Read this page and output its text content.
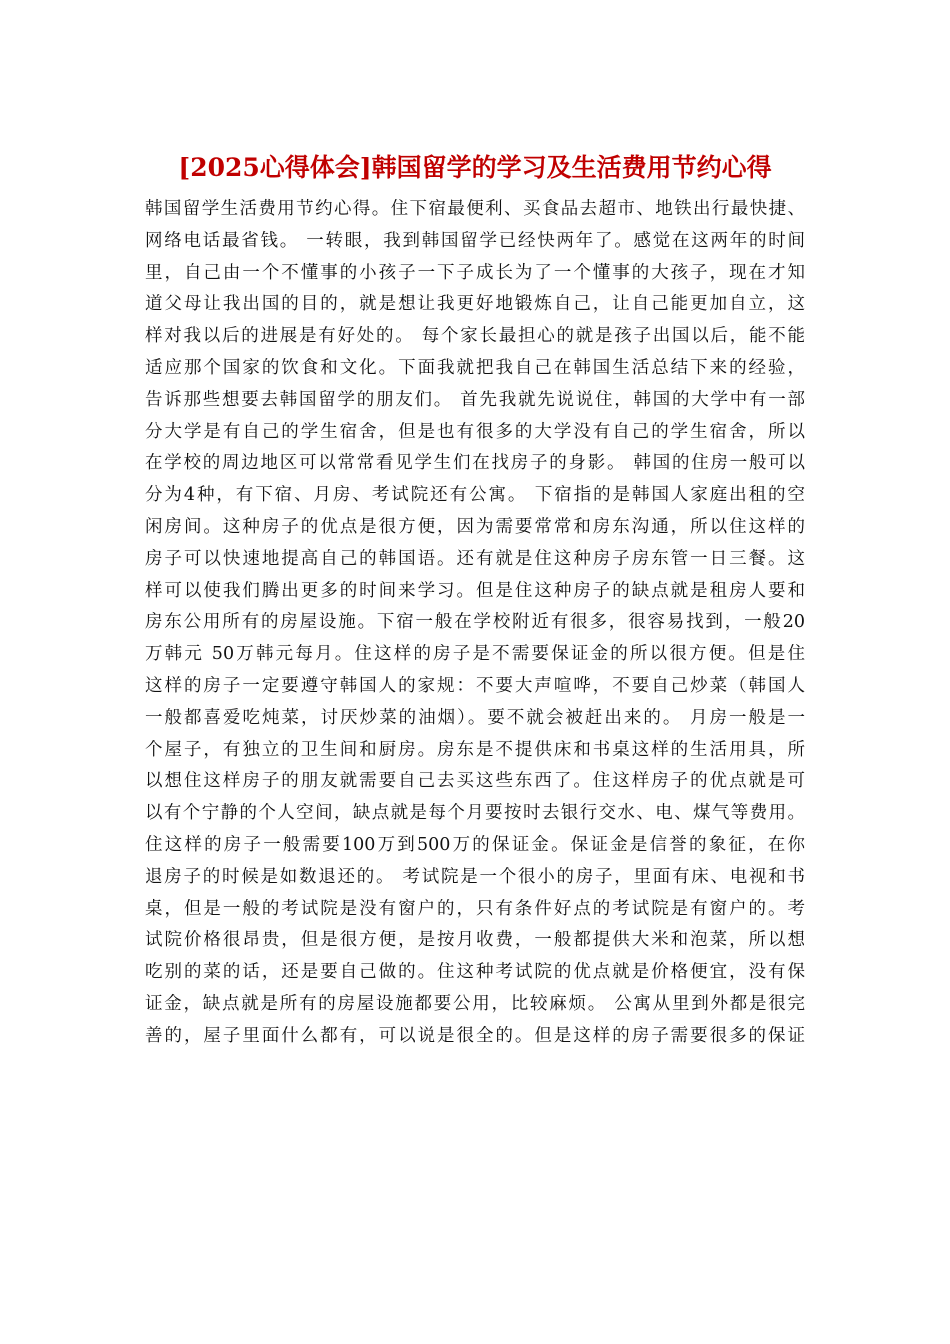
[2025心得体会]韩国留学的学习及生活费用节约心得
韩国留学生活费用节约心得。住下宿最便利、买食品去超市、地铁出行最快捷、
网络电话最省钱。 一转眼，我到韩国留学已经快两年了。感觉在这两年的时间
里，自己由一个不懂事的小孩子一下子成长为了一个懂事的大孩子，现在才知
道父母让我出国的目的，就是想让我更好地锻炼自己，让自己能更加自立，这
样对我以后的进展是有好处的。 每个家长最担心的就是孩子出国以后，能不能
适应那个国家的饮食和文化。下面我就把我自己在韩国生活总结下来的经验，
告诉那些想要去韩国留学的朋友们。 首先我就先说说住，韩国的大学中有一部
分大学是有自己的学生宿舍，但是也有很多的大学没有自己的学生宿舍，所以
在学校的周边地区可以常常看见学生们在找房子的身影。 韩国的住房一般可以
分为4种，有下宿、月房、考试院还有公寓。 下宿指的是韩国人家庭出租的空
闲房间。这种房子的优点是很方便，因为需要常常和房东沟通，所以住这样的
房子可以快速地提高自己的韩国语。还有就是住这种房子房东管一日三餐。这
样可以使我们腾出更多的时间来学习。但是住这种房子的缺点就是租房人要和
房东公用所有的房屋设施。下宿一般在学校附近有很多，很容易找到，一般20
万韩元 50万韩元每月。住这样的房子是不需要保证金的所以很方便。但是住
这样的房子一定要遵守韩国人的家规：不要大声喧哗，不要自己炒菜（韩国人
一般都喜爱吃炖菜，讨厌炒菜的油烟）。要不就会被赶出来的。 月房一般是一
个屋子，有独立的卫生间和厨房。房东是不提供床和书桌这样的生活用具，所
以想住这样房子的朋友就需要自己去买这些东西了。住这样房子的优点就是可
以有个宁静的个人空间，缺点就是每个月要按时去银行交水、电、煤气等费用。
住这样的房子一般需要100万到500万的保证金。保证金是信誉的象征，在你
退房子的时候是如数退还的。 考试院是一个很小的房子，里面有床、电视和书
桌，但是一般的考试院是没有窗户的，只有条件好点的考试院是有窗户的。考
试院价格很昂贵，但是很方便，是按月收费，一般都提供大米和泡菜，所以想
吃别的菜的话，还是要自己做的。住这种考试院的优点就是价格便宜，没有保
证金，缺点就是所有的房屋设施都要公用，比较麻烦。 公寓从里到外都是很完
善的，屋子里面什么都有，可以说是很全的。但是这样的房子需要很多的保证
